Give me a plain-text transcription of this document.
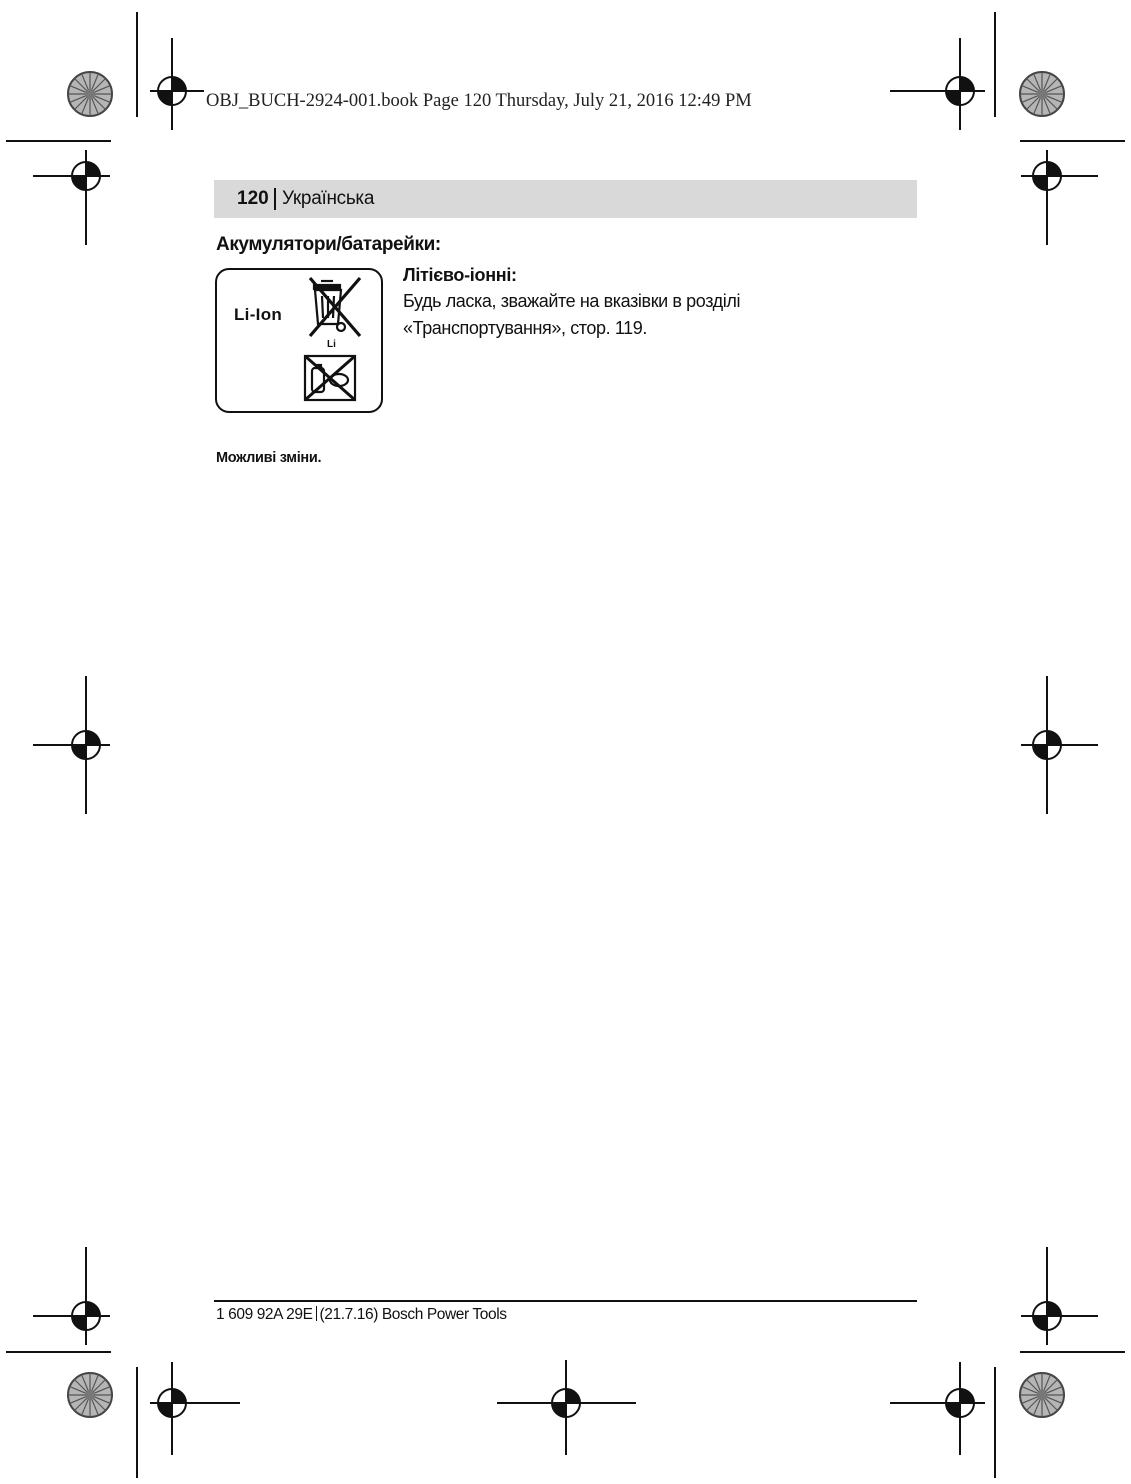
OBJ_BUCH-2924-001.book Page 120 Thursday, July 21, 2016 12:49 PM
120 Українська
Акумулятори/батарейки:
Li-Ion
Li
Літієво-іонні:
Будь ласка, зважайте на вказівки в розділі
«Транспортування», стор. 119.
Можливі зміни.
1 609 92A 29E (21.7.16) Bosch Power Tools
